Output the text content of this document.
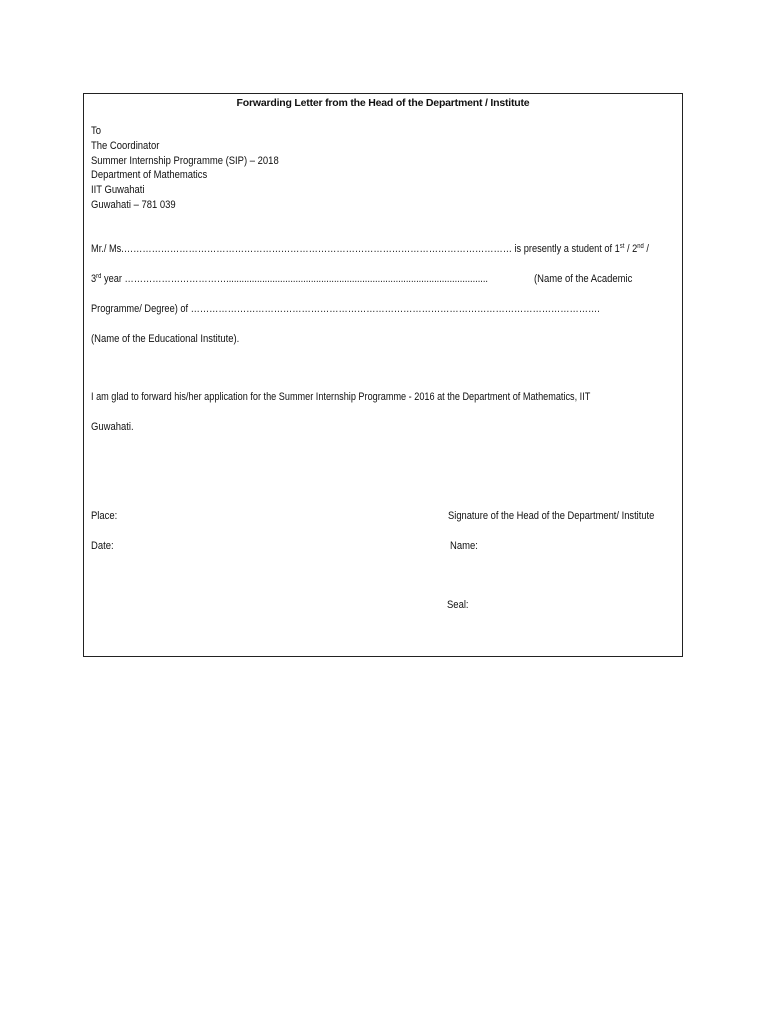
Forwarding Letter from the Head of the Department / Institute
To
The Coordinator
Summer Internship Programme (SIP) – 2018
Department of Mathematics
IIT Guwahati
Guwahati – 781 039
Mr./ Ms.……………………………………………………………………………………………………………… is presently a student of 1st / 2nd /
3rd year ……………………………......................................................................................................	(Name of the Academic
Programme/ Degree) of …………………………………………………………………………………………………………………….
(Name of the Educational Institute).
I am glad to forward his/her application for the Summer Internship Programme - 2016 at the Department of Mathematics, IIT
Guwahati.
Place:
Date:
Signature of the Head of the Department/ Institute
Name:
Seal:
